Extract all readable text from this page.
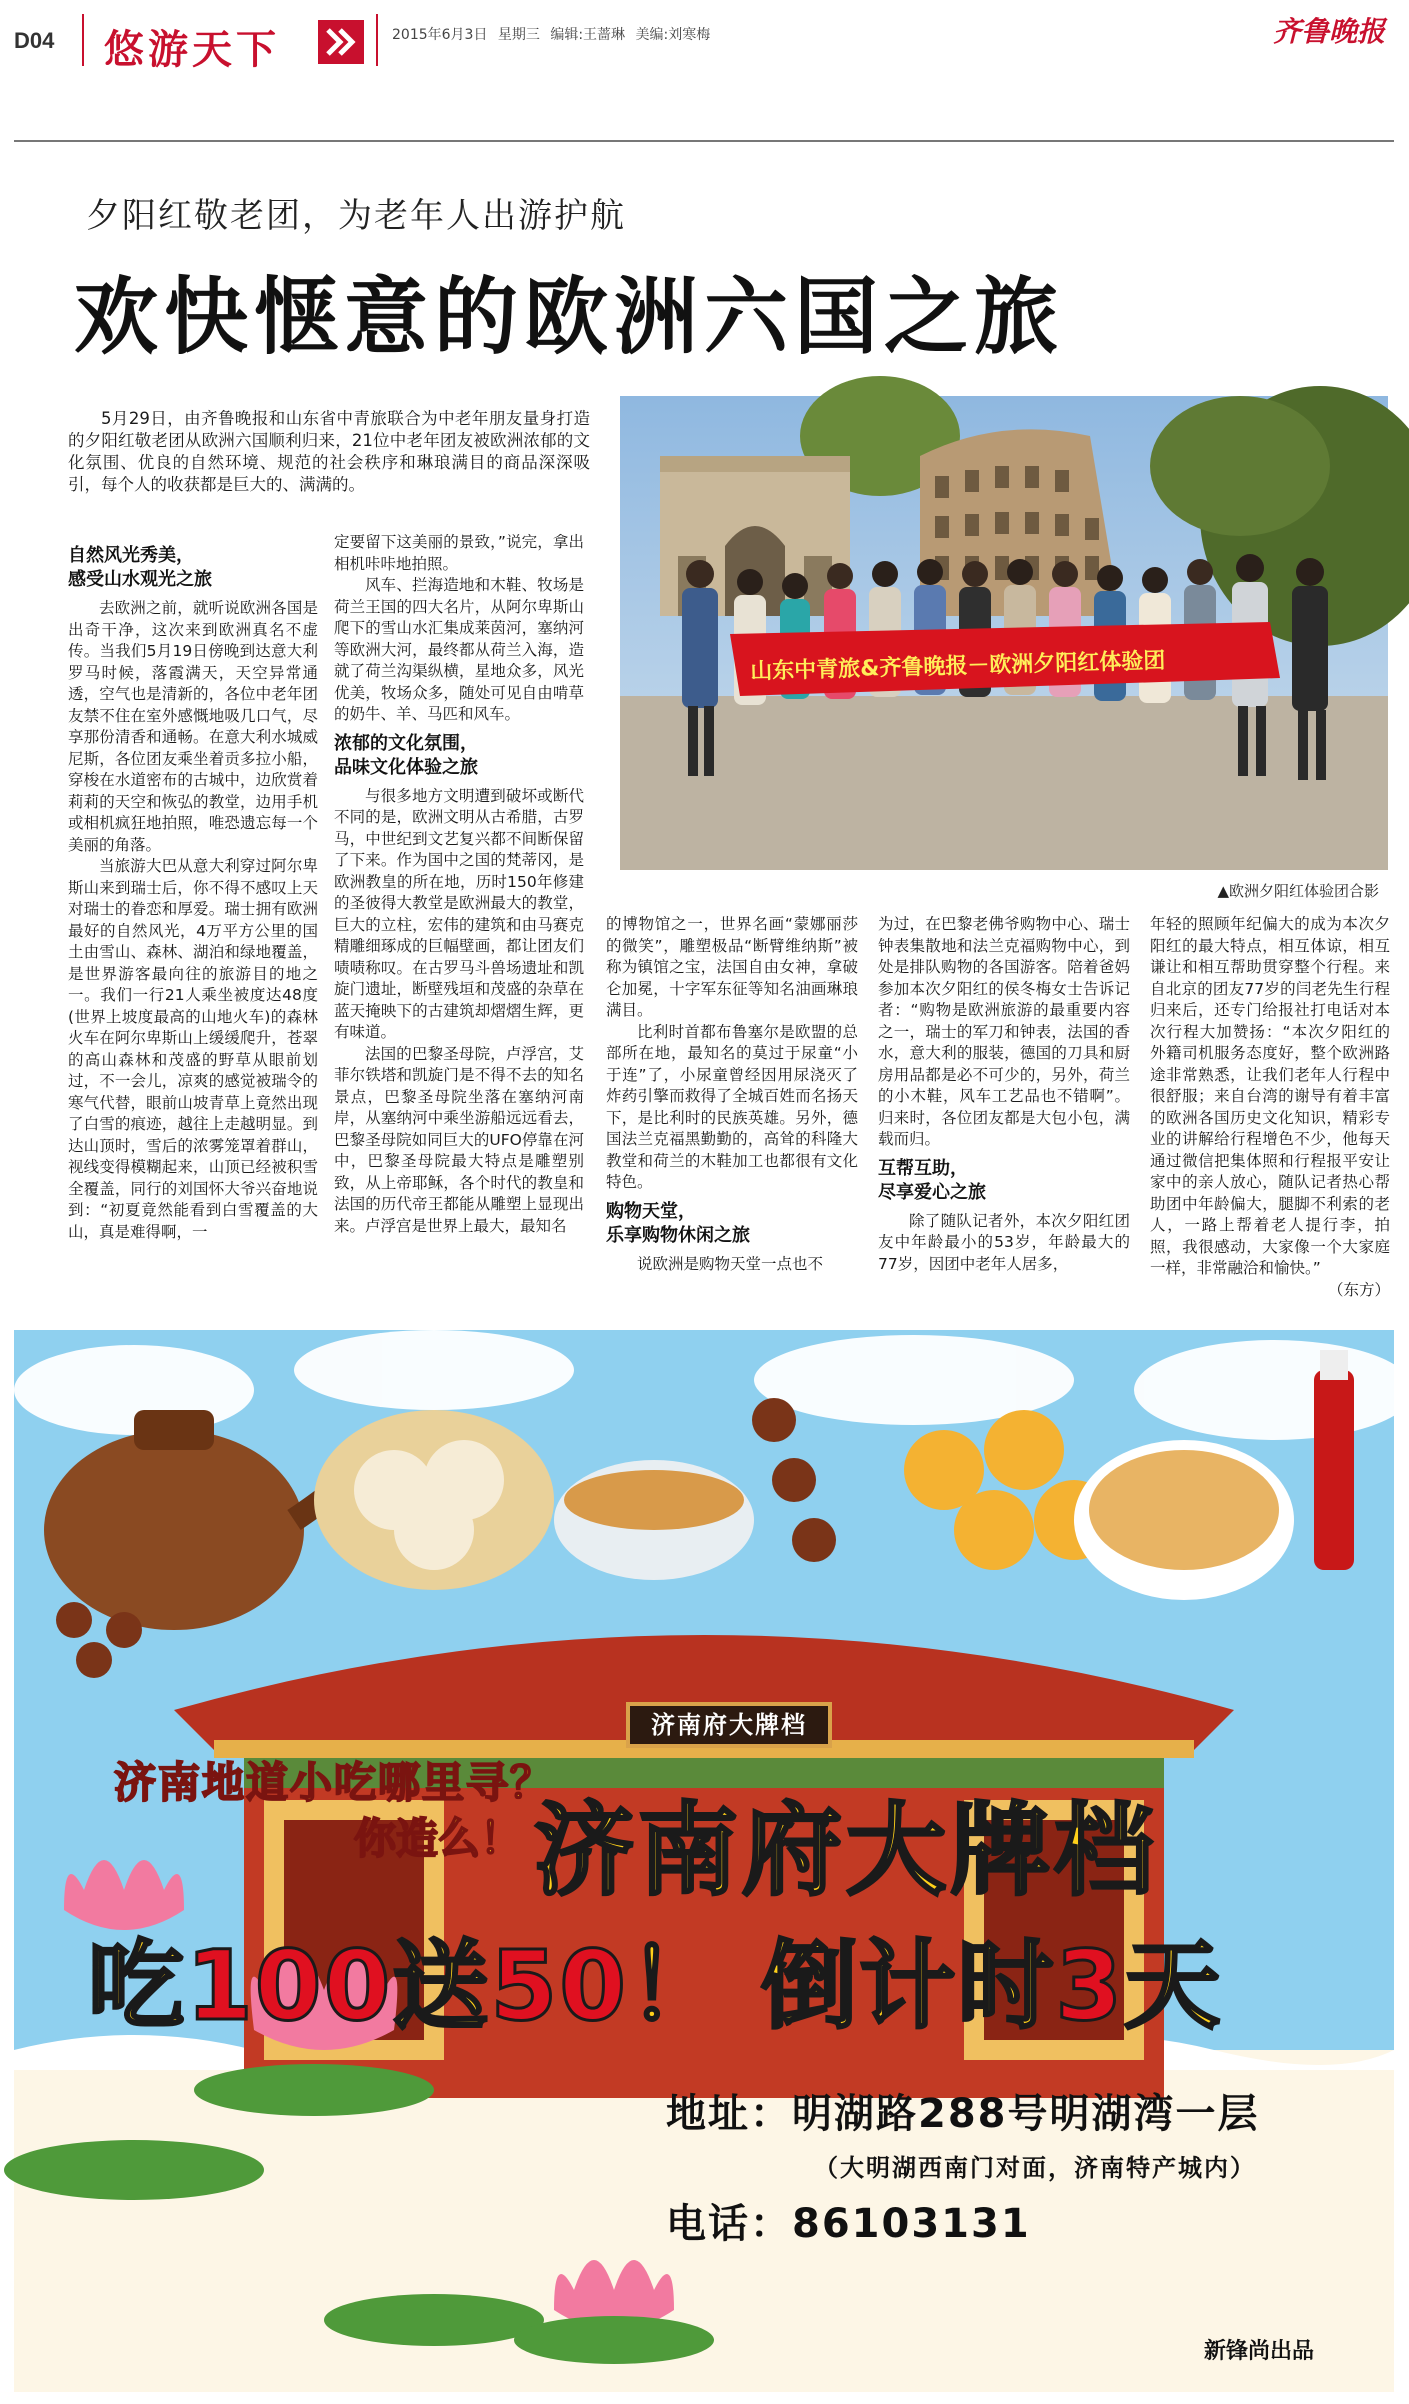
D04 悠游天下	2015年6月3日 星期三 编辑:王蔷琳 美编:刘寒梅	齐鲁晚报
夕阳红敬老团，为老年人出游护航
欢快惬意的欧洲六国之旅
5月29日，由齐鲁晚报和山东省中青旅联合为中老年朋友量身打造的夕阳红敬老团从欧洲六国顺利归来，21位中老年团友被欧洲浓郁的文化氛围、优良的自然环境、规范的社会秩序和琳琅满目的商品深深吸引，每个人的收获都是巨大的、满满的。
山东中青旅&齐鲁晚报－欧洲夕阳红体验团
▲欧洲夕阳红体验团合影
自然风光秀美，
感受山水观光之旅

去欧洲之前，就听说欧洲各国是出奇干净，这次来到欧洲真名不虚传。当我们5月19日傍晚到达意大利罗马时候，落霞满天，天空异常通透，空气也是清新的，各位中老年团友禁不住在室外感慨地吸几口气，尽享那份清香和通畅。在意大利水城威尼斯，各位团友乘坐着贡多拉小船，穿梭在水道密布的古城中，边欣赏着莉莉的天空和恢弘的教堂，边用手机或相机疯狂地拍照，唯恐遗忘每一个美丽的角落。

当旅游大巴从意大利穿过阿尔卑斯山来到瑞士后，你不得不感叹上天对瑞士的眷恋和厚爱。瑞士拥有欧洲最好的自然风光，4万平方公里的国土由雪山、森林、湖泊和绿地覆盖，是世界游客最向往的旅游目的地之一。我们一行21人乘坐被度达48度(世界上坡度最高的山地火车)的森林火车在阿尔卑斯山上缓缓爬升，苍翠的高山森林和茂盛的野草从眼前划过，不一会儿，凉爽的感觉被瑞令的寒气代替，眼前山坡青草上竟然出现了白雪的痕迹，越往上走越明显。到达山顶时，雪后的浓雾笼罩着群山，视线变得模糊起来，山顶已经被积雪全覆盖，同行的刘国怀大爷兴奋地说到：“初夏竟然能看到白雪覆盖的大山，真是难得啊，一

定要留下这美丽的景致，”说完，拿出相机咔咔地拍照。

风车、拦海造地和木鞋、牧场是荷兰王国的四大名片，从阿尔卑斯山爬下的雪山水汇集成莱茵河，塞纳河等欧洲大河，最终都从荷兰入海，造就了荷兰沟渠纵横，星地众多，风光优美，牧场众多，随处可见自由啃草的奶牛、羊、马匹和风车。

浓郁的文化氛围，
品味文化体验之旅

与很多地方文明遭到破坏或断代不同的是，欧洲文明从古希腊，古罗马，中世纪到文艺复兴都不间断保留了下来。作为国中之国的梵蒂冈，是欧洲教皇的所在地，历时150年修建的圣彼得大教堂是欧洲最大的教堂，巨大的立柱，宏伟的建筑和由马赛克精雕细琢成的巨幅壁画，都让团友们啧啧称叹。在古罗马斗兽场遗址和凯旋门遗址，断壁残垣和茂盛的杂草在蓝天掩映下的古建筑却熠熠生辉，更有味道。

法国的巴黎圣母院，卢浮宫，艾菲尔铁塔和凯旋门是不得不去的知名景点，巴黎圣母院坐落在塞纳河南岸，从塞纳河中乘坐游船远远看去，巴黎圣母院如同巨大的UFO停靠在河中，巴黎圣母院最大特点是雕塑别致，从上帝耶稣，各个时代的教皇和法国的历代帝王都能从雕塑上显现出来。卢浮宫是世界上最大，最知名

的博物馆之一，世界名画“蒙娜丽莎的微笑”，雕塑极品“断臂维纳斯”被称为镇馆之宝，法国自由女神，拿破仑加冕，十字军东征等知名油画琳琅满目。

比利时首都布鲁塞尔是欧盟的总部所在地，最知名的莫过于尿童“小于连”了，小尿童曾经因用尿浇灭了炸药引擎而救得了全城百姓而名扬天下，是比利时的民族英雄。另外，德国法兰克福黑勤勤的，高耸的科隆大教堂和荷兰的木鞋加工也都很有文化特色。

购物天堂，
乐享购物休闲之旅

说欧洲是购物天堂一点也不

为过，在巴黎老佛爷购物中心、瑞士钟表集散地和法兰克福购物中心，到处是排队购物的各国游客。陪着爸妈参加本次夕阳红的侯冬梅女士告诉记者：“购物是欧洲旅游的最重要内容之一，瑞士的军刀和钟表，法国的香水，意大利的服装，德国的刀具和厨房用品都是必不可少的，另外，荷兰的小木鞋，风车工艺品也不错啊”。归来时，各位团友都是大包小包，满载而归。

互帮互助，
尽享爱心之旅

除了随队记者外，本次夕阳红团友中年龄最小的53岁，年龄最大的77岁，因团中老年人居多，

年轻的照顾年纪偏大的成为本次夕阳红的最大特点，相互体谅，相互谦让和相互帮助贯穿整个行程。来自北京的团友77岁的闫老先生行程归来后，还专门给报社打电话对本次行程大加赞扬：“本次夕阳红的外籍司机服务态度好，整个欧洲路途非常熟悉，让我们老年人行程中很舒服；来自台湾的谢导有着丰富的欧洲各国历史文化知识，精彩专业的讲解给行程增色不少，他每天通过微信把集体照和行程报平安让家中的亲人放心，随队记者热心帮助团中年龄偏大，腿脚不利索的老人，一路上帮着老人提行李，拍照，我很感动，大家像一个大家庭一样，非常融洽和愉快。”

（东方）

济南府大牌档
济南地道小吃哪里寻？
你造么！ 济南府大牌档
吃100送50！ 倒计时3天
地址：明湖路288号明湖湾一层
（大明湖西南门对面，济南特产城内）
电话：86103131
新锋尚出品
